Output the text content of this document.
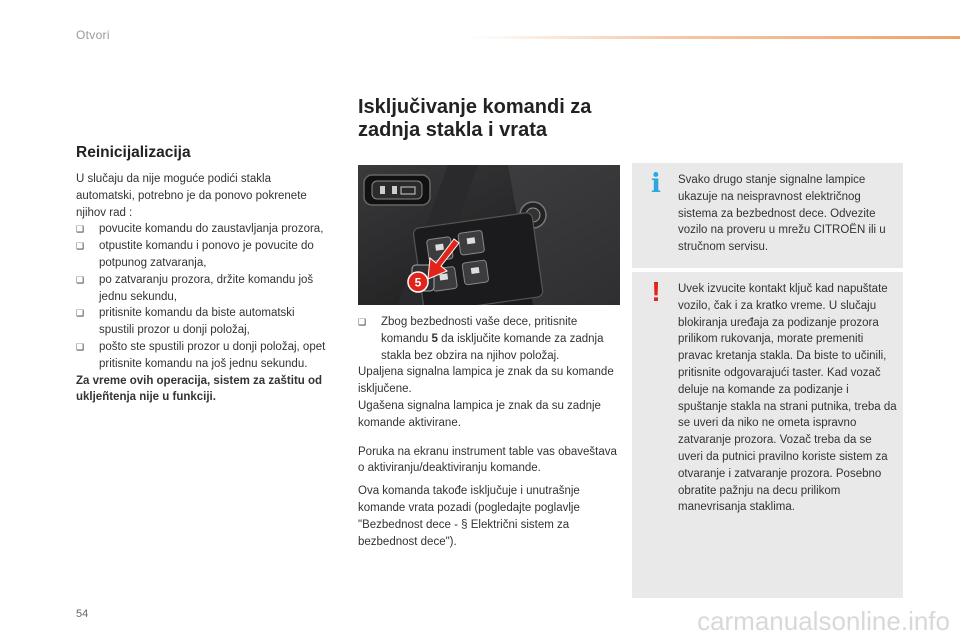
Otvori
Reinicijalizacija

U slučaju da nije moguće podići stakla automatski, potrebno je da ponovo pokrenete njihov rad :

❑ povucite komandu do zaustavljanja prozora,
❑ otpustite komandu i ponovo je povucite do potpunog zatvaranja,
❑ po zatvaranju prozora, držite komandu još jednu sekundu,
❑ pritisnite komandu da biste automatski spustili prozor u donji položaj,
❑ pošto ste spustili prozor u donji položaj, opet pritisnite komandu na još jednu sekundu.

Za vreme ovih operacija, sistem za zaštitu od ukljeñtenja nije u funkciji.

Isključivanje komandi za
zadnja stakla i vrata
5
❑ Zbog bezbednosti vaše dece, pritisnite komandu 5 da isključite komande za zadnja stakla bez obzira na njihov položaj.

Upaljena signalna lampica je znak da su komande isključene.

Ugašena signalna lampica je znak da su zadnje komande aktivirane.

Poruka na ekranu instrument table vas obaveštava o aktiviranju/deaktiviranju komande.

Ova komanda takođe isključuje i unutrašnje komande vrata pozadi (pogledajte poglavlje "Bezbednost dece - § Električni sistem za bezbednost dece").

i	Svako drugo stanje signalne lampice ukazuje na neispravnost električnog sistema za bezbednost dece. Odvezite vozilo na proveru u mrežu CITROËN ili u stručnom servisu.
!	Uvek izvucite kontakt ključ kad napuštate vozilo, čak i za kratko vreme. U slučaju blokiranja uređaja za podizanje prozora prilikom rukovanja, morate premeniti pravac kretanja stakla. Da biste to učinili, pritisnite odgovarajući taster. Kad vozač deluje na komande za podizanje i spuštanje stakla na strani putnika, treba da se uveri da niko ne ometa ispravno zatvaranje prozora. Vozač treba da se uveri da putnici pravilno koriste sistem za otvaranje i zatvaranje prozora. Posebno obratite pažnju na decu prilikom manevrisanja staklima.
54	carmanualsonline.info
